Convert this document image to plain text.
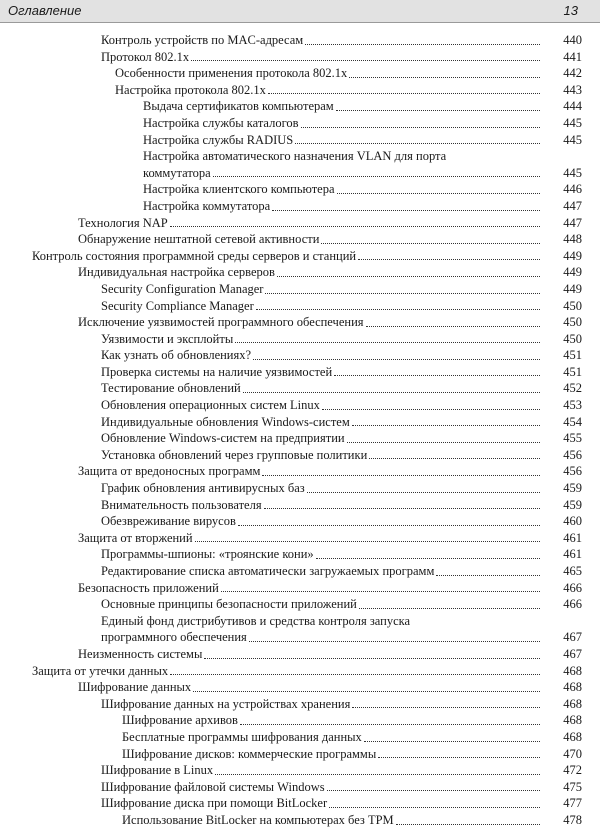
Оглавление	13
Контроль устройств по MAC-адресам	440
Протокол 802.1x	441
Особенности применения протокола 802.1x	442
Настройка протокола 802.1x	443
Выдача сертификатов компьютерам	444
Настройка службы каталогов	445
Настройка службы RADIUS	445
Настройка автоматического назначения VLAN для порта
коммутатора	445
Настройка клиентского компьютера	446
Настройка коммутатора	447
Технология NAP	447
Обнаружение нештатной сетевой активности	448
Контроль состояния программной среды серверов и станций	449
Индивидуальная настройка серверов	449
Security Configuration Manager	449
Security Compliance Manager	450
Исключение уязвимостей программного обеспечения	450
Уязвимости и эксплойты	450
Как узнать об обновлениях?	451
Проверка системы на наличие уязвимостей	451
Тестирование обновлений	452
Обновления операционных систем Linux	453
Индивидуальные обновления Windows-систем	454
Обновление Windows-систем на предприятии	455
Установка обновлений через групповые политики	456
Защита от вредоносных программ	456
График обновления антивирусных баз	459
Внимательность пользователя	459
Обезвреживание вирусов	460
Защита от вторжений	461
Программы-шпионы: «троянские кони»	461
Редактирование списка автоматически загружаемых программ	465
Безопасность приложений	466
Основные принципы безопасности приложений	466
Единый фонд дистрибутивов и средства контроля запуска
программного обеспечения	467
Неизменность системы	467
Защита от утечки данных	468
Шифрование данных	468
Шифрование данных на устройствах хранения	468
Шифрование архивов	468
Бесплатные программы шифрования данных	468
Шифрование дисков: коммерческие программы	470
Шифрование в Linux	472
Шифрование файловой системы Windows	475
Шифрование диска при помощи BitLocker	477
Использование BitLocker на компьютерах без TPM	478
